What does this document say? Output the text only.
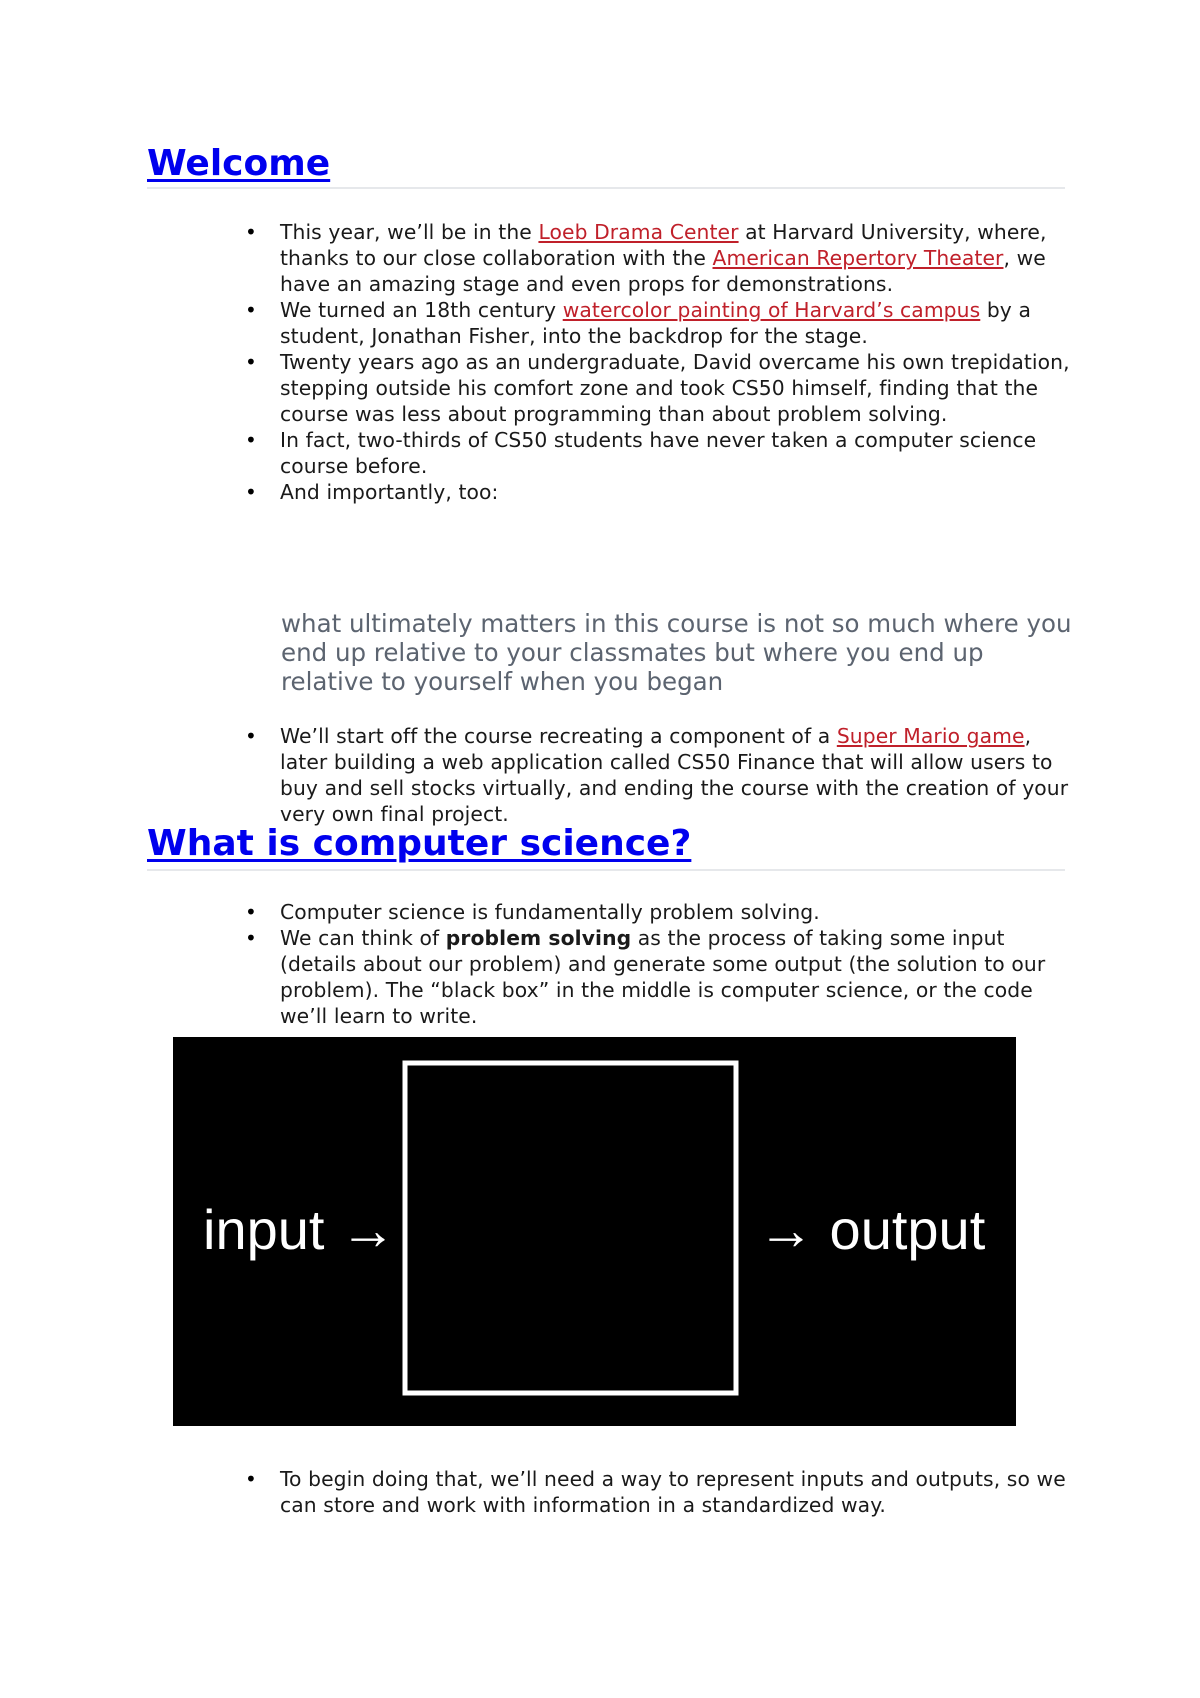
Welcome
• This year, we’ll be in the Loeb Drama Center at Harvard University, where, thanks to our close collaboration with the American Repertory Theater, we have an amazing stage and even props for demonstrations.
• We turned an 18th century watercolor painting of Harvard’s campus by a student, Jonathan Fisher, into the backdrop for the stage.
• Twenty years ago as an undergraduate, David overcame his own trepidation, stepping outside his comfort zone and took CS50 himself, finding that the course was less about programming than about problem solving.
• In fact, two-thirds of CS50 students have never taken a computer science course before.
• And importantly, too:
what ultimately matters in this course is not so much where you end up relative to your classmates but where you end up relative to yourself when you began
• We’ll start off the course recreating a component of a Super Mario game, later building a web application called CS50 Finance that will allow users to buy and sell stocks virtually, and ending the course with the creation of your very own final project.
What is computer science?
• Computer science is fundamentally problem solving.
• We can think of problem solving as the process of taking some input (details about our problem) and generate some output (the solution to our problem). The “black box” in the middle is computer science, or the code we’ll learn to write.
input →	→ output
• To begin doing that, we’ll need a way to represent inputs and outputs, so we can store and work with information in a standardized way.
